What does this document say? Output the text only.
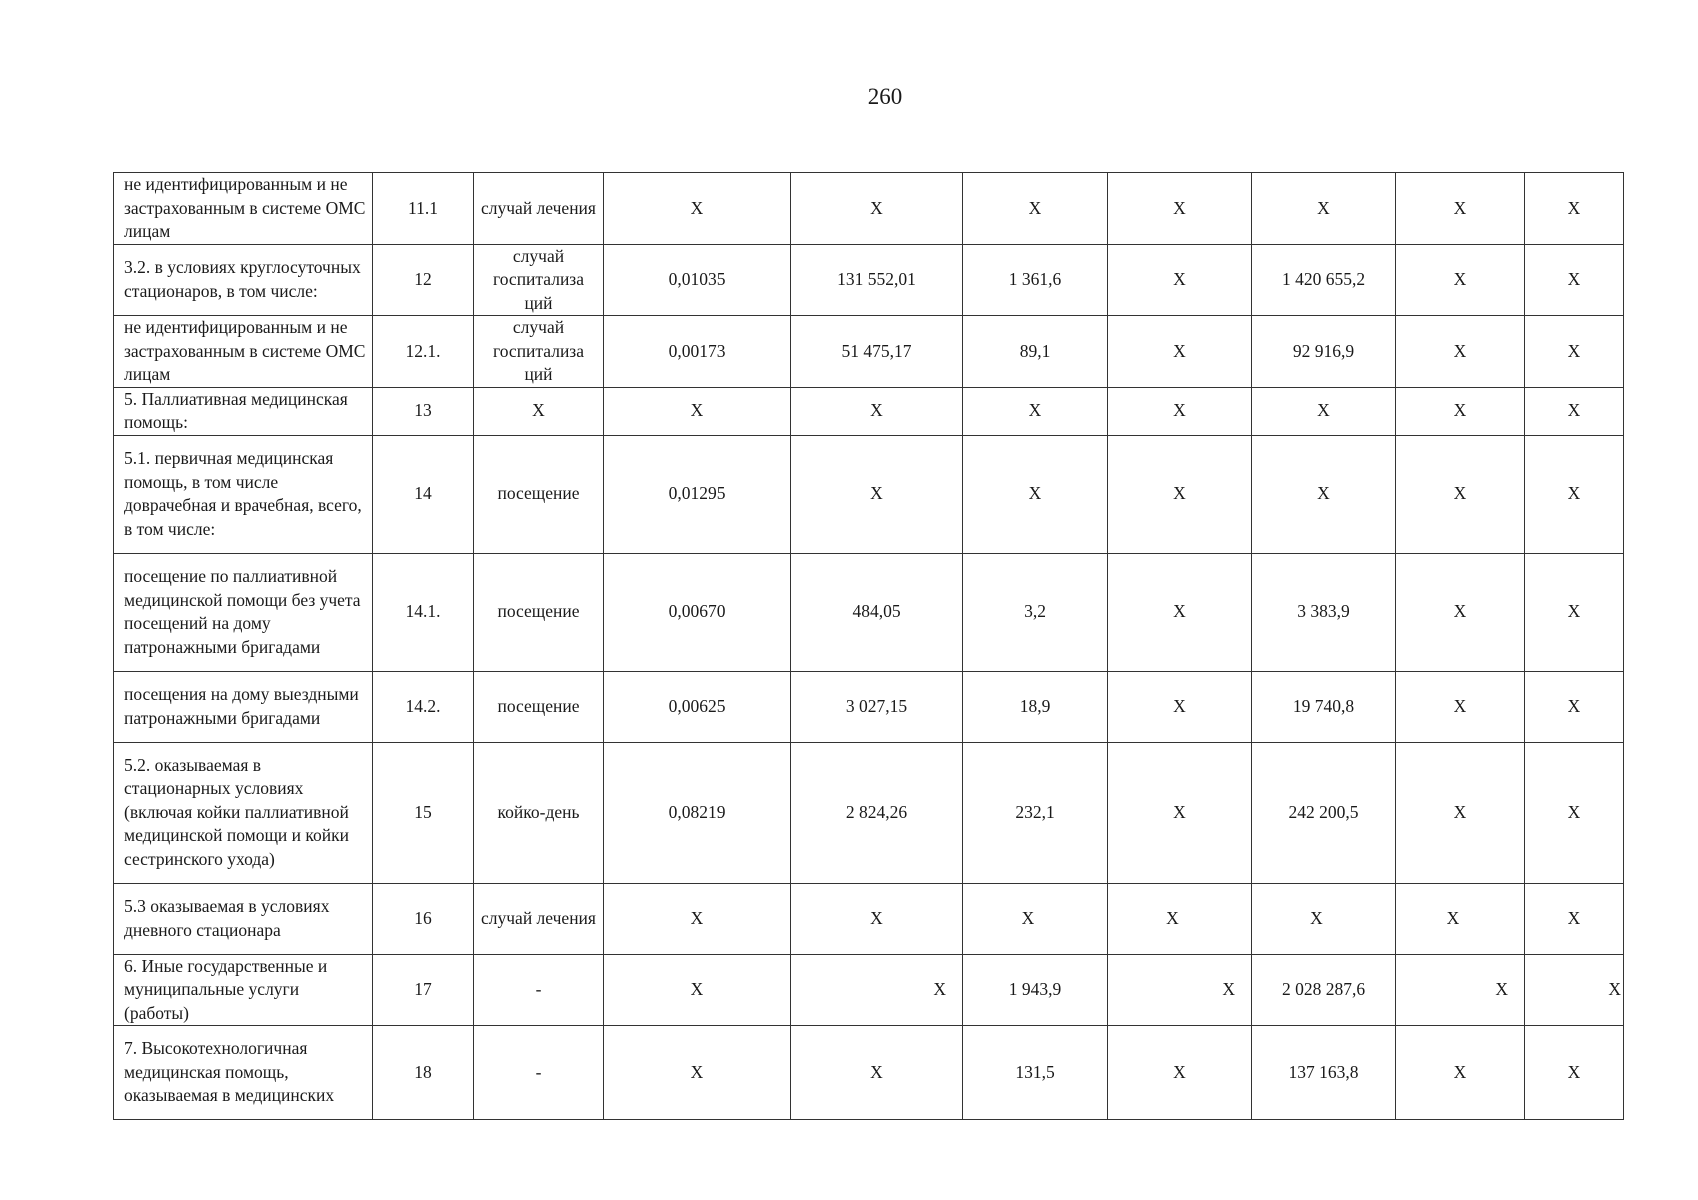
260
не идентифицированным и не застрахованным в системе ОМС лицам	11.1	случай лечения	X	X	X	X	X	X	X
3.2. в условиях круглосуточных стационаров, в том числе:	12	случай госпитализа ций	0,01035	131 552,01	1 361,6	X	1 420 655,2	X	X
не идентифицированным и не застрахованным в системе ОМС лицам	12.1.	случай госпитализа ций	0,00173	51 475,17	89,1	X	92 916,9	X	X
5. Паллиативная медицинская помощь:	13	X	X	X	X	X	X	X	X
5.1. первичная медицинская помощь, в том числе доврачебная и врачебная, всего, в том числе:	14	посещение	0,01295	X	X	X	X	X	X
посещение по паллиативной медицинской помощи без учета посещений на дому патронажными бригадами	14.1.	посещение	0,00670	484,05	3,2	X	3 383,9	X	X
посещения на дому выездными патронажными бригадами	14.2.	посещение	0,00625	3 027,15	18,9	X	19 740,8	X	X
5.2. оказываемая в стационарных условиях (включая койки паллиативной медицинской помощи и койки сестринского ухода)	15	койко-день	0,08219	2 824,26	232,1	X	242 200,5	X	X
5.3 оказываемая в условиях дневного стационара	16	случай лечения	X	X	X	X	X	X	X
6. Иные государственные и муниципальные услуги (работы)	17	-	X	X	1 943,9	X	2 028 287,6	X	X
7. Высокотехнологичная медицинская помощь, оказываемая в медицинских	18	-	X	X	131,5	X	137 163,8	X	X
